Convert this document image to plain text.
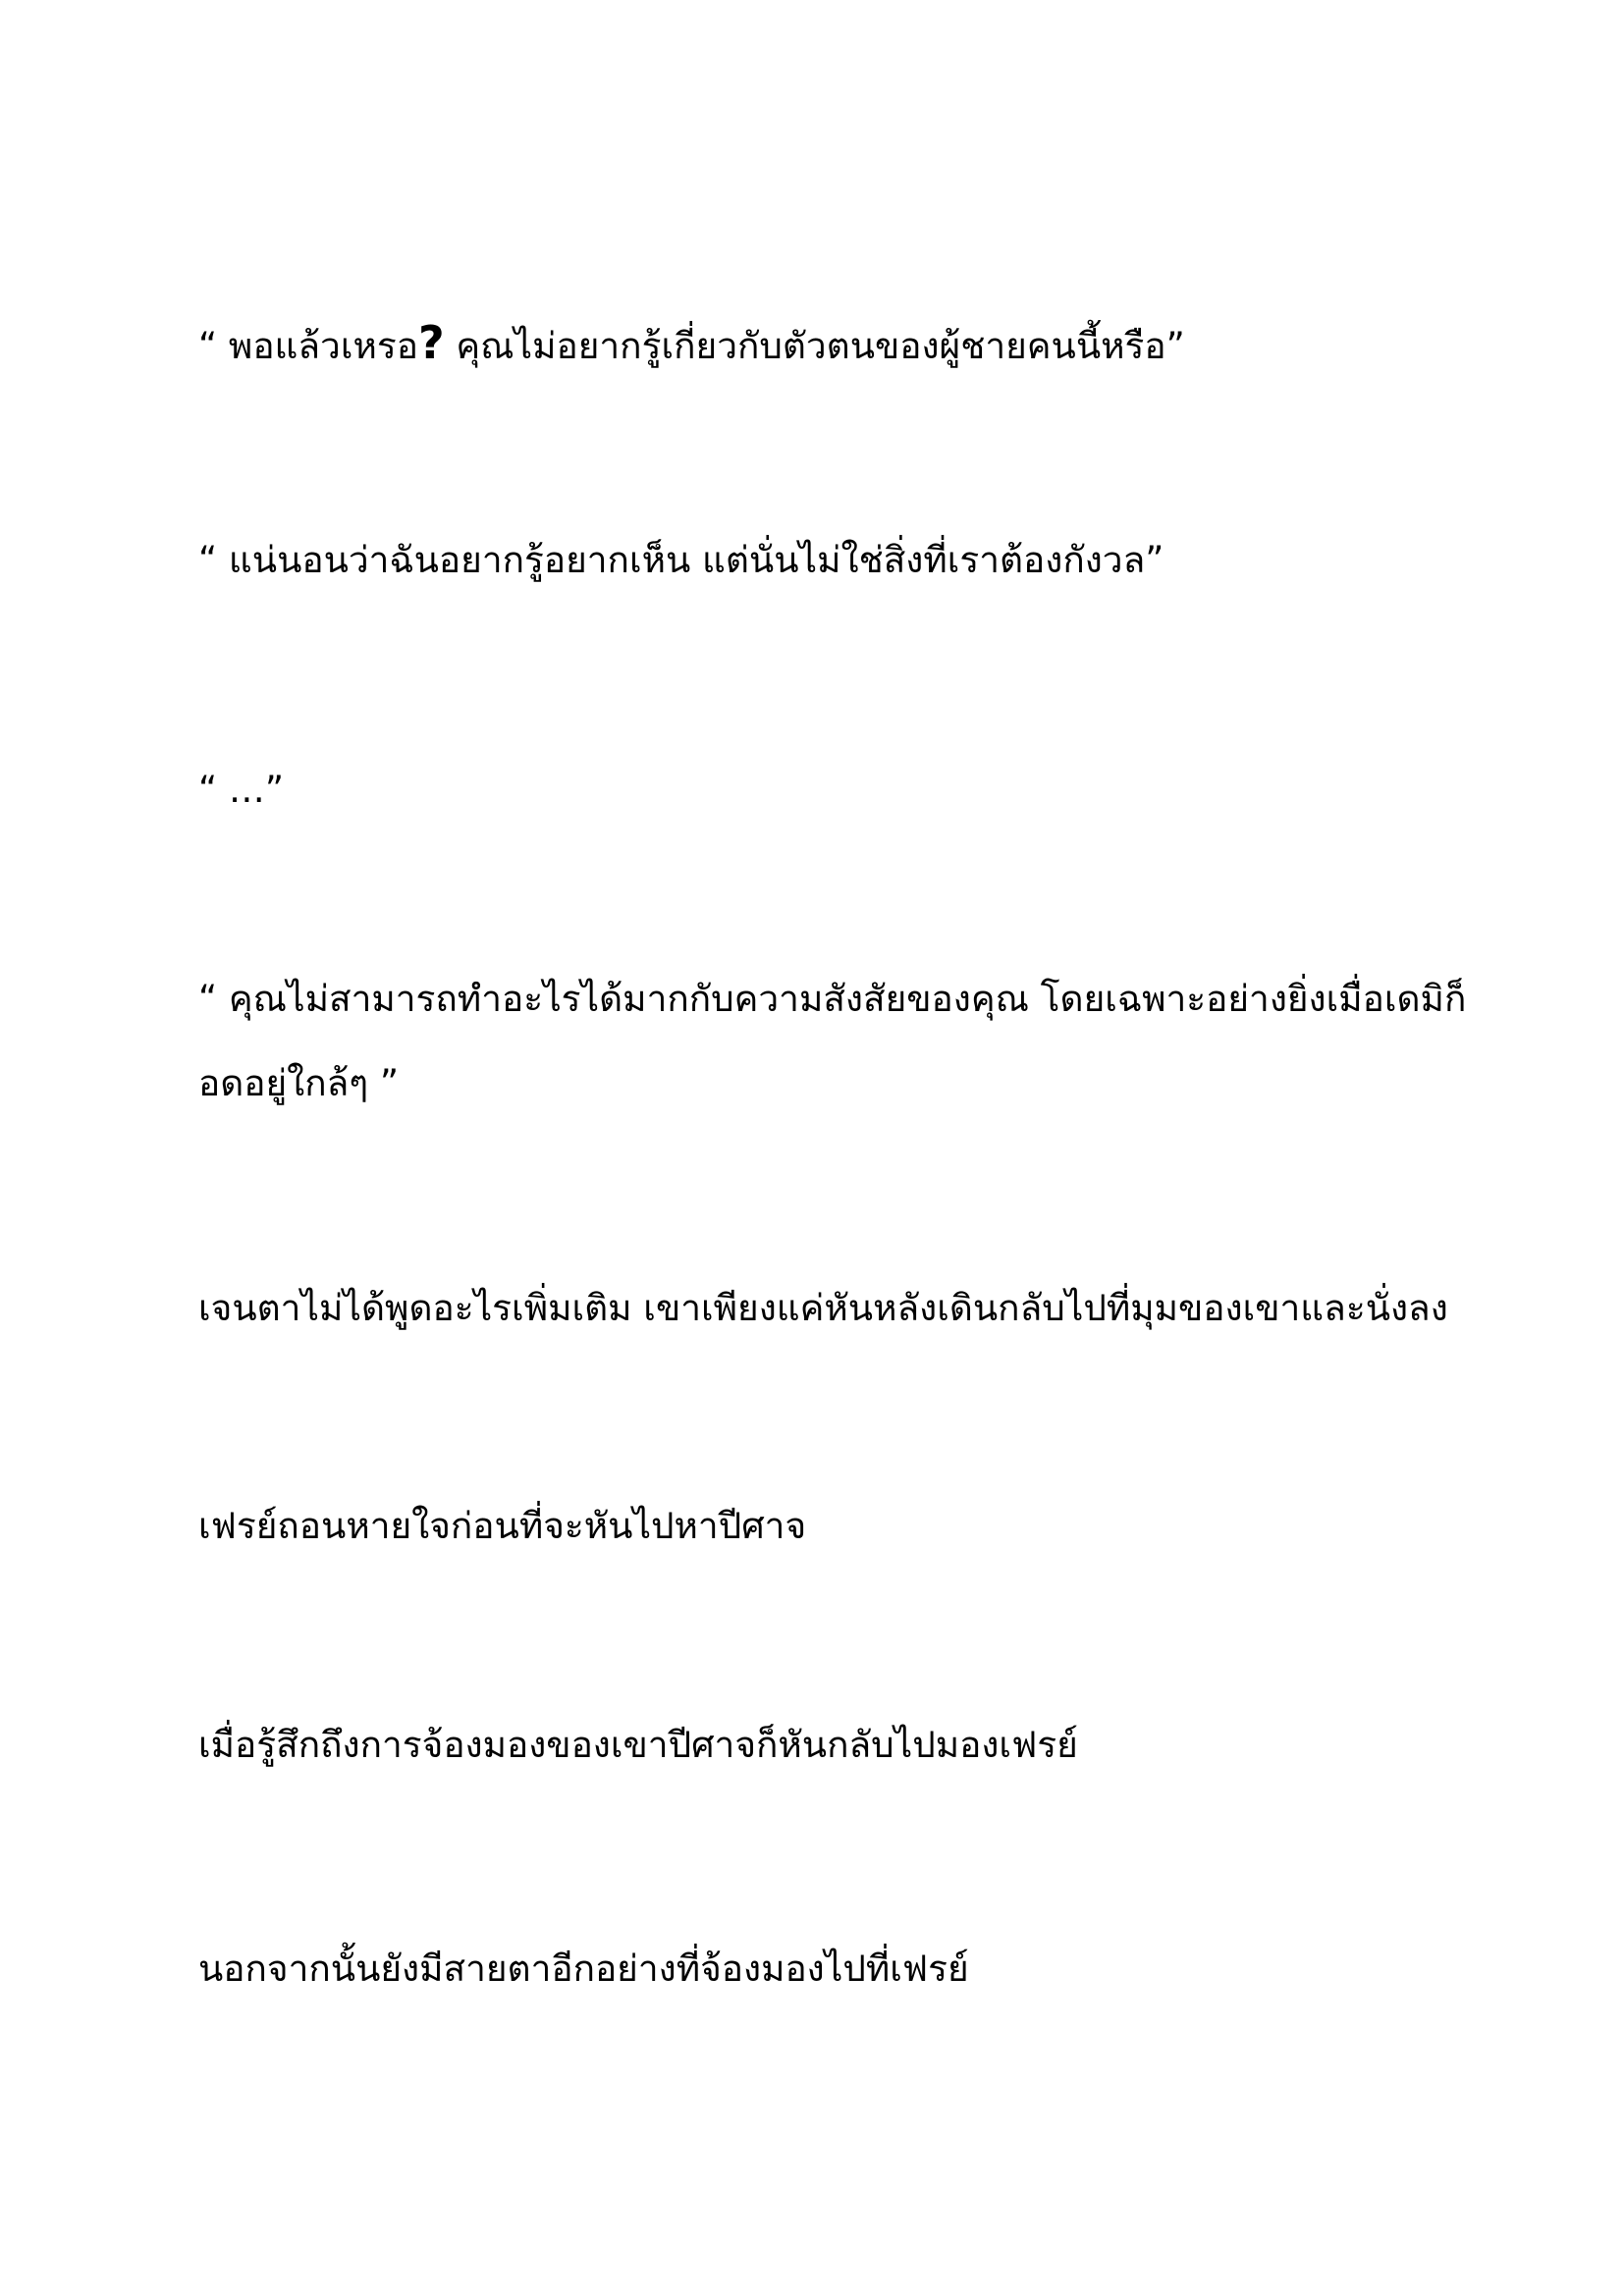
“ พอแล้วเหรอ? คุณไม่อยากรู้เกี่ยวกับตัวตนของผู้ชายคนนี้หรือ”

“ แน่นอนว่าฉันอยากรู้อยากเห็น แต่นั่นไม่ใช่สิ่งที่เราต้องกังวล”

“ …”

“ คุณไม่สามารถทำอะไรได้มากกับความสังสัยของคุณ โดยเฉพาะอย่างยิ่งเมื่อเดมิก็
อดอยู่ใกล้ๆ ”

เจนตาไม่ได้พูดอะไรเพิ่มเติม เขาเพียงแค่หันหลังเดินกลับไปที่มุมของเขาและนั่งลง

เฟรย์ถอนหายใจก่อนที่จะหันไปหาปีศาจ

เมื่อรู้สึกถึงการจ้องมองของเขาปีศาจก็หันกลับไปมองเฟรย์

นอกจากนั้นยังมีสายตาอีกอย่างที่จ้องมองไปที่เฟรย์
